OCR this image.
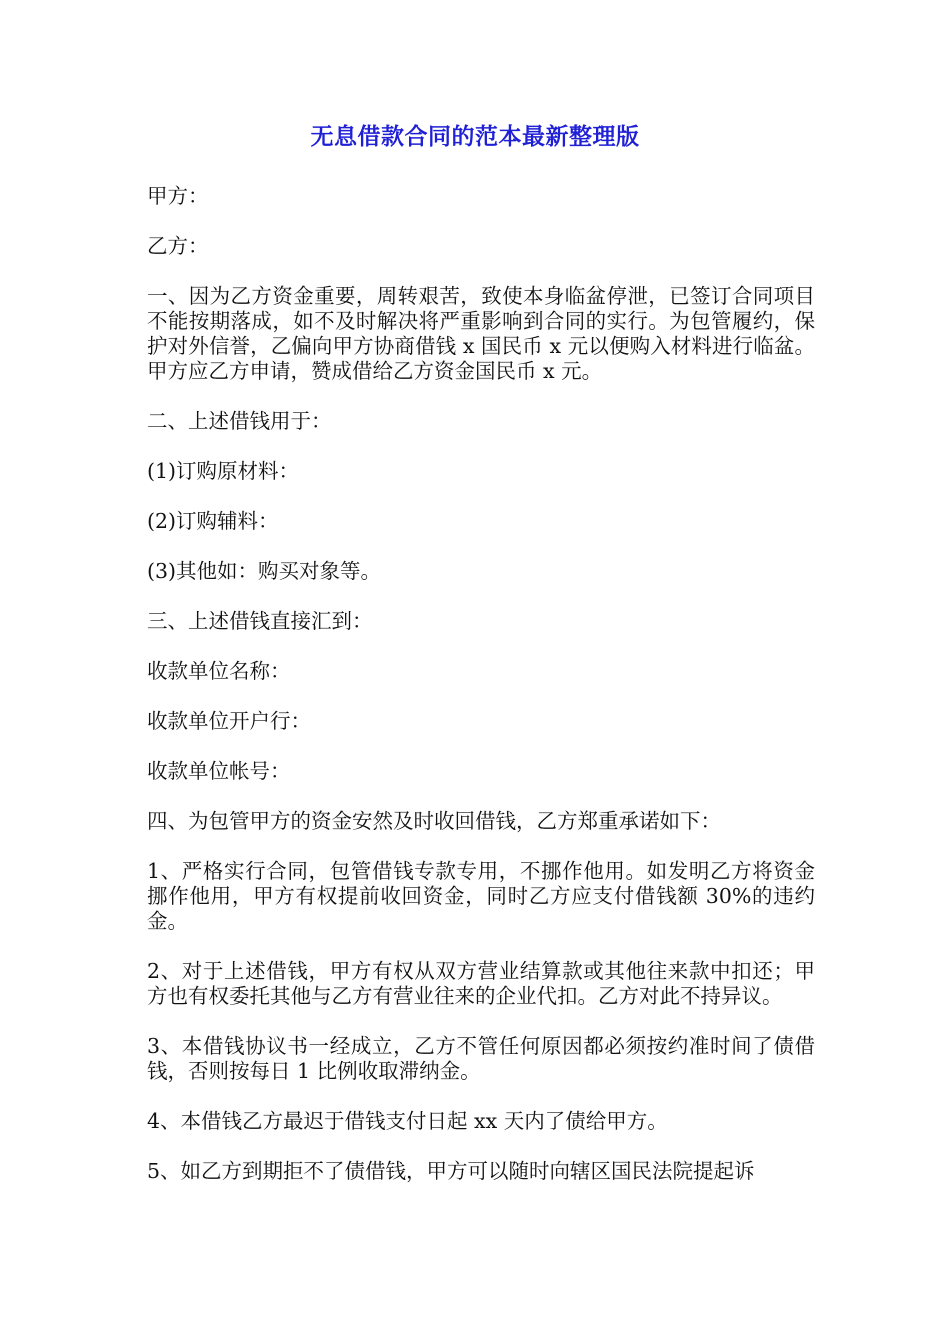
无息借款合同的范本最新整理版

甲方：

乙方：

一、因为乙方资金重要，周转艰苦，致使本身临盆停泄，已签订合同项目不能按期落成，如不及时解决将严重影响到合同的实行。为包管履约，保护对外信誉，乙偏向甲方协商借钱 x 国民币 x 元以便购入材料进行临盆。甲方应乙方申请，赞成借给乙方资金国民币 x 元。

二、上述借钱用于：

(1)订购原材料：

(2)订购辅料：

(3)其他如：购买对象等。

三、上述借钱直接汇到：

收款单位名称：

收款单位开户行：

收款单位帐号：

四、为包管甲方的资金安然及时收回借钱，乙方郑重承诺如下：

1、严格实行合同，包管借钱专款专用，不挪作他用。如发明乙方将资金挪作他用，甲方有权提前收回资金，同时乙方应支付借钱额 30%的违约金。

2、对于上述借钱，甲方有权从双方营业结算款或其他往来款中扣还；甲方也有权委托其他与乙方有营业往来的企业代扣。乙方对此不持异议。

3、本借钱协议书一经成立，乙方不管任何原因都必须按约准时间了债借钱，否则按每日 1 比例收取滞纳金。

4、本借钱乙方最迟于借钱支付日起 xx 天内了债给甲方。

5、如乙方到期拒不了债借钱，甲方可以随时向辖区国民法院提起诉
